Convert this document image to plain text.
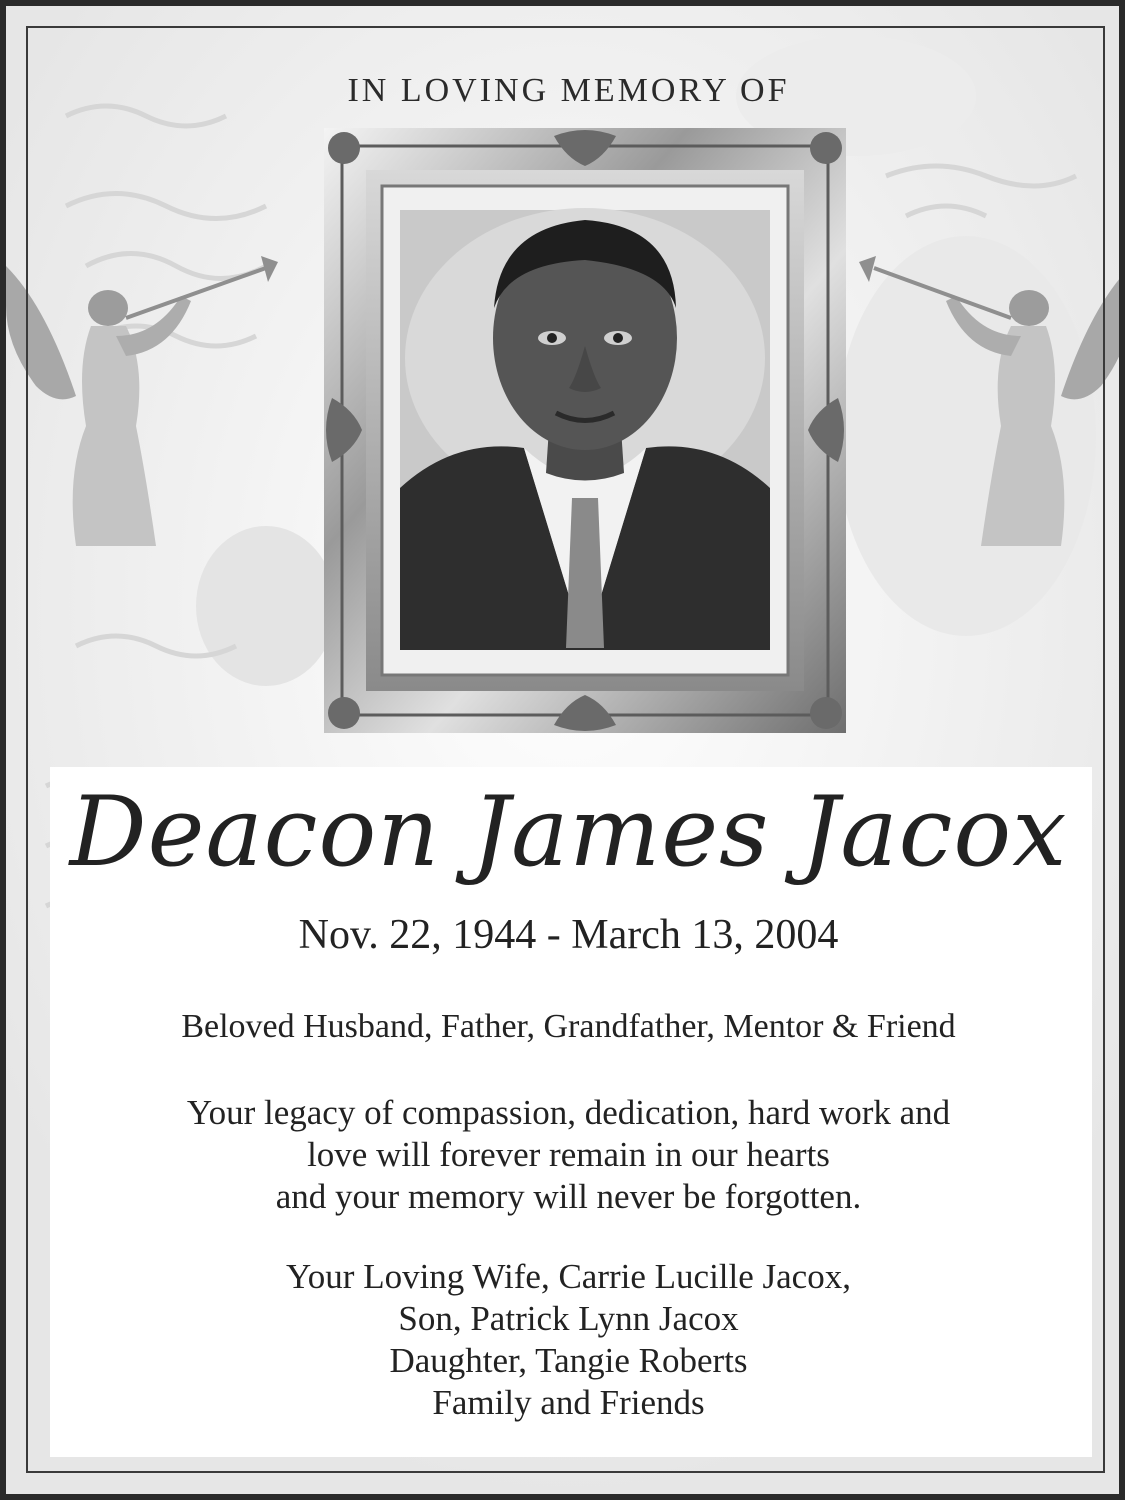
IN LOVING MEMORY OF
Deacon James Jacox
Nov. 22, 1944 - March 13, 2004
Beloved Husband, Father, Grandfather, Mentor & Friend
Your legacy of compassion, dedication, hard work and
love will forever remain in our hearts
and your memory will never be forgotten.
Your Loving Wife, Carrie Lucille Jacox,
Son, Patrick Lynn Jacox
Daughter, Tangie Roberts
Family and Friends
